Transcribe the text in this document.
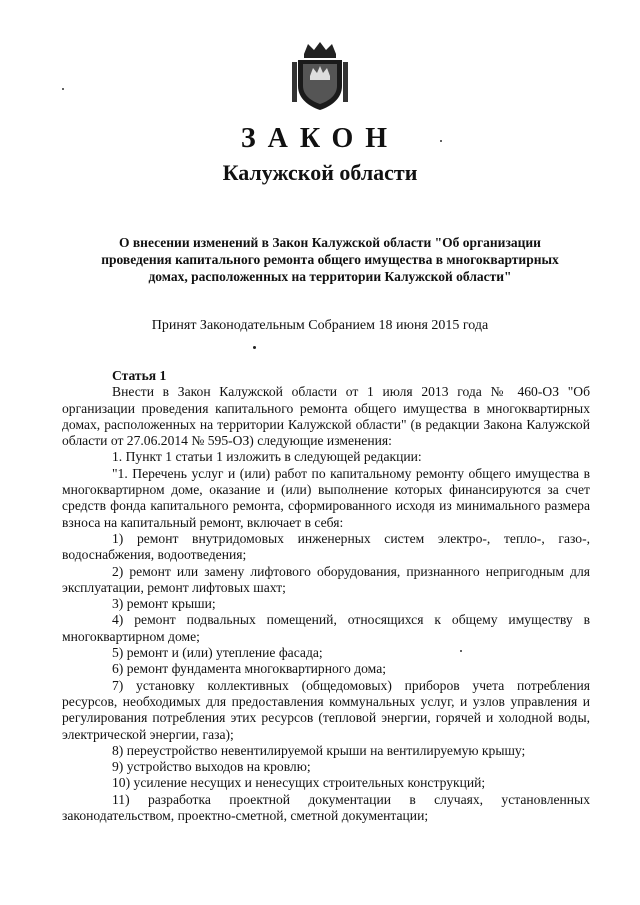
ЗАКОН
Калужской области
О внесении изменений в Закон Калужской области "Об организации
проведения капитального ремонта общего имущества в многоквартирных
домах, расположенных на территории Калужской области"
Принят Законодательным Собранием 18 июня 2015 года
Статья 1

Внести в Закон Калужской области от 1 июля 2013 года № 460-ОЗ "Об организации проведения капитального ремонта общего имущества в многоквартирных домах, расположенных на территории Калужской области" (в редакции Закона Калужской области от 27.06.2014 № 595-ОЗ) следующие изменения:

1. Пункт 1 статьи 1 изложить в следующей редакции:

"1. Перечень услуг и (или) работ по капитальному ремонту общего имущества в многоквартирном доме, оказание и (или) выполнение которых финансируются за счет средств фонда капитального ремонта, сформированного исходя из минимального размера взноса на капитальный ремонт, включает в себя:

1) ремонт внутридомовых инженерных систем электро-, тепло-, газо-, водоснабжения, водоотведения;

2) ремонт или замену лифтового оборудования, признанного непригодным для эксплуатации, ремонт лифтовых шахт;

3) ремонт крыши;

4) ремонт подвальных помещений, относящихся к общему имуществу в многоквартирном доме;

5) ремонт и (или) утепление фасада;

6) ремонт фундамента многоквартирного дома;

7) установку коллективных (общедомовых) приборов учета потребления ресурсов, необходимых для предоставления коммунальных услуг, и узлов управления и регулирования потребления этих ресурсов (тепловой энергии, горячей и холодной воды, электрической энергии, газа);

8) переустройство невентилируемой крыши на вентилируемую крышу;

9) устройство выходов на кровлю;

10) усиление несущих и ненесущих строительных конструкций;

11) разработка проектной документации в случаях, установленных законодательством, проектно-сметной, сметной документации;
